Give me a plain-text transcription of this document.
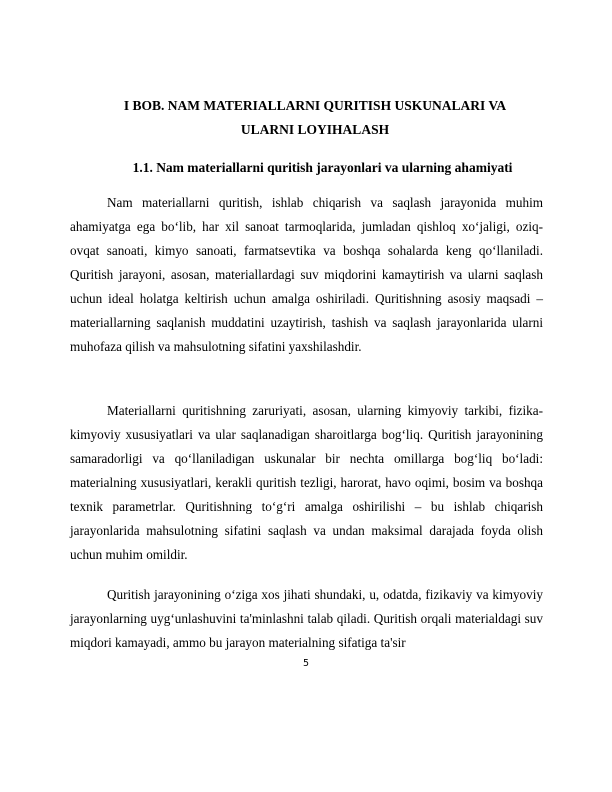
I BOB. NAM MATERIALLARNI QURITISH USKUNALARI VA
ULARNI LOYIHALASH
1.1. Nam materiallarni quritish jarayonlari va ularning ahamiyati

Nam materiallarni quritish, ishlab chiqarish va saqlash jarayonida muhim ahamiyatga ega bo‘lib, har xil sanoat tarmoqlarida, jumladan qishloq xo‘jaligi, oziq-ovqat sanoati, kimyo sanoati, farmatsevtika va boshqa sohalarda keng qo‘llaniladi. Quritish jarayoni, asosan, materiallardagi suv miqdorini kamaytirish va ularni saqlash uchun ideal holatga keltirish uchun amalga oshiriladi. Quritishning asosiy maqsadi – materiallarning saqlanish muddatini uzaytirish, tashish va saqlash jarayonlarida ularni muhofaza qilish va mahsulotning sifatini yaxshilashdir.

Materiallarni quritishning zaruriyati, asosan, ularning kimyoviy tarkibi, fizika-kimyoviy xususiyatlari va ular saqlanadigan sharoitlarga bog‘liq. Quritish jarayonining samaradorligi va qo‘llaniladigan uskunalar bir nechta omillarga bog‘liq bo‘ladi: materialning xususiyatlari, kerakli quritish tezligi, harorat, havo oqimi, bosim va boshqa texnik parametrlar. Quritishning to‘g‘ri amalga oshirilishi – bu ishlab chiqarish jarayonlarida mahsulotning sifatini saqlash va undan maksimal darajada foyda olish uchun muhim omildir.

Quritish jarayonining o‘ziga xos jihati shundaki, u, odatda, fizikaviy va kimyoviy jarayonlarning uyg‘unlashuvini ta'minlashni talab qiladi. Quritish orqali materialdagi suv miqdori kamayadi, ammo bu jarayon materialning sifatiga ta'sir

5
